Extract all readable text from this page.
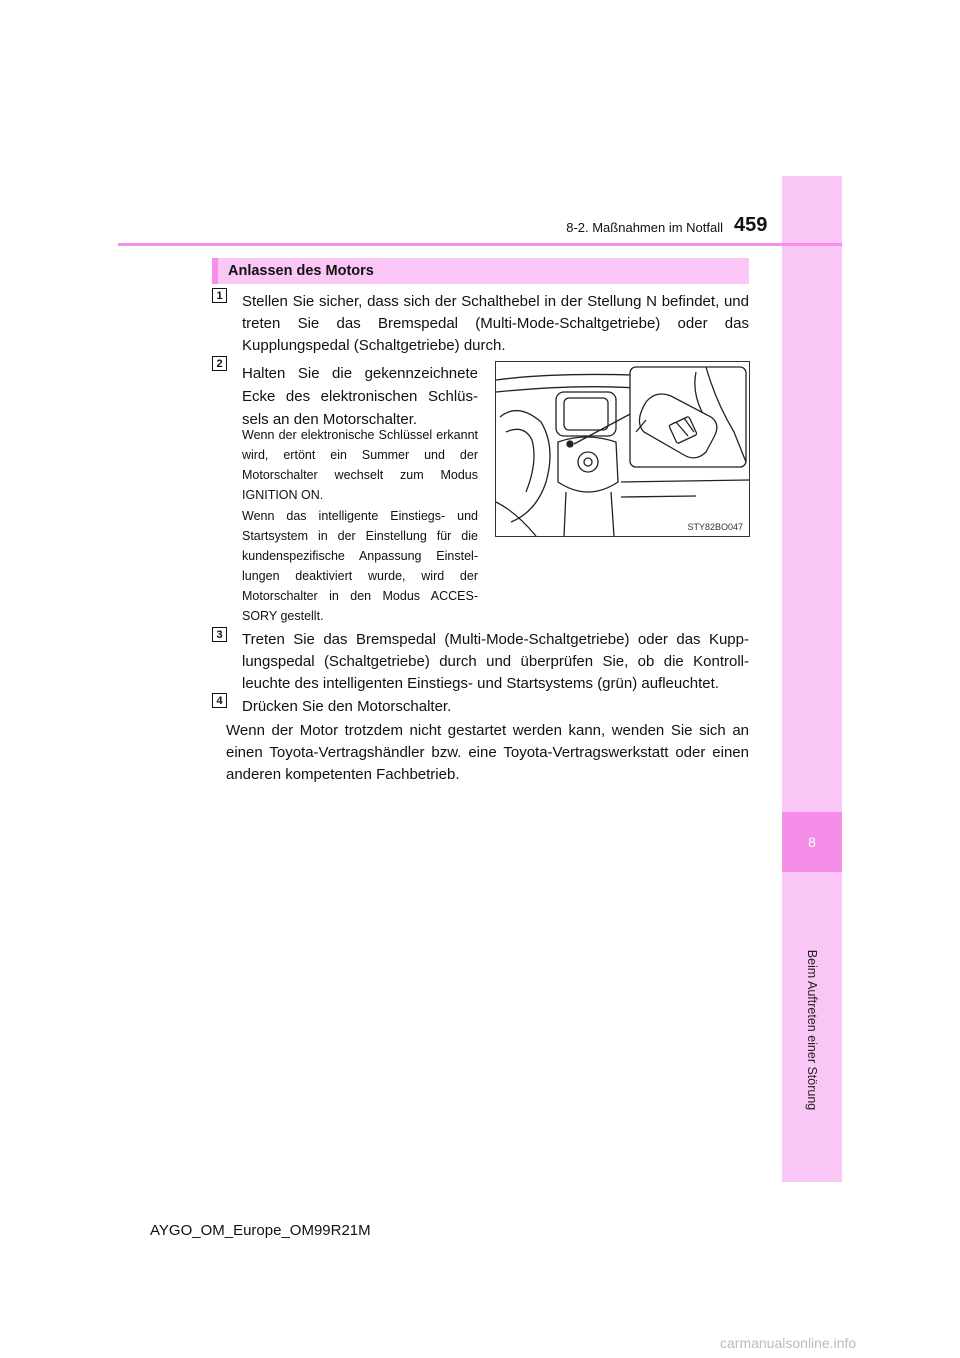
8
Beim Auftreten einer Störung
8-2. Maßnahmen im Notfall 459
Anlassen des Motors
1 Stellen Sie sicher, dass sich der Schalthebel in der Stellung N befindet, und treten Sie das Bremspedal (Multi-Mode-Schaltgetriebe) oder das Kupplungspedal (Schaltgetriebe) durch.
2
Halten Sie die gekennzeichnete Ecke des elektronischen Schlüs-sels an den Motorschalter.
Wenn der elektronische Schlüssel erkannt wird, ertönt ein Summer und der Motorschalter wechselt zum Modus IGNITION ON.
Wenn das intelligente Einstiegs- und Startsystem in der Einstellung für die kundenspezifische Anpassung Einstel-lungen deaktiviert wurde, wird der Motorschalter in den Modus ACCES-SORY gestellt.
STY82BO047
3 Treten Sie das Bremspedal (Multi-Mode-Schaltgetriebe) oder das Kupp-lungspedal (Schaltgetriebe) durch und überprüfen Sie, ob die Kontroll-leuchte des intelligenten Einstiegs- und Startsystems (grün) aufleuchtet.
4 Drücken Sie den Motorschalter.
Wenn der Motor trotzdem nicht gestartet werden kann, wenden Sie sich an einen Toyota-Vertragshändler bzw. eine Toyota-Vertragswerkstatt oder einen anderen kompetenten Fachbetrieb.
AYGO_OM_Europe_OM99R21M
carmanualsonline.info
